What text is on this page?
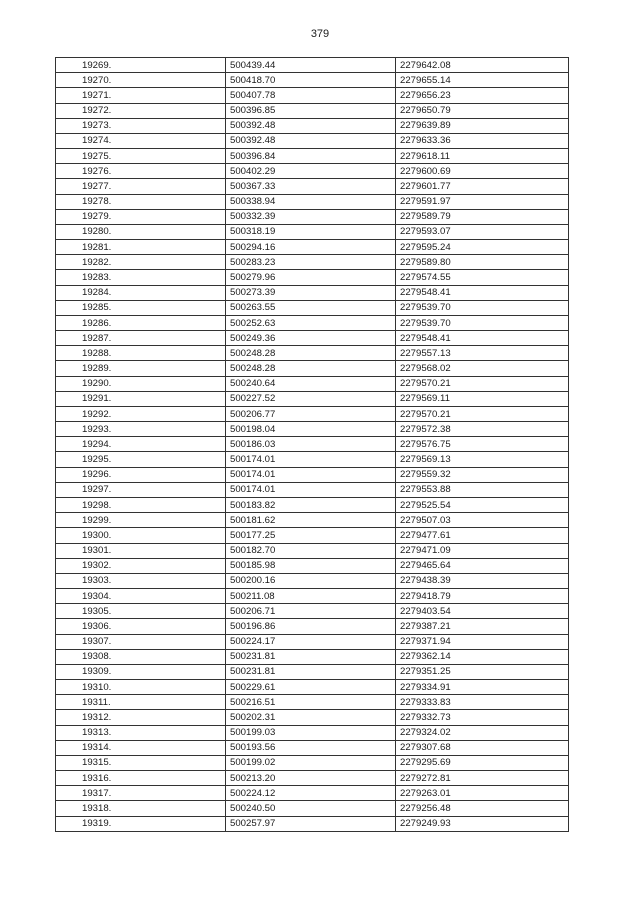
379
19269.	500439.44	2279642.08
19270.	500418.70	2279655.14
19271.	500407.78	2279656.23
19272.	500396.85	2279650.79
19273.	500392.48	2279639.89
19274.	500392.48	2279633.36
19275.	500396.84	2279618.11
19276.	500402.29	2279600.69
19277.	500367.33	2279601.77
19278.	500338.94	2279591.97
19279.	500332.39	2279589.79
19280.	500318.19	2279593.07
19281.	500294.16	2279595.24
19282.	500283.23	2279589.80
19283.	500279.96	2279574.55
19284.	500273.39	2279548.41
19285.	500263.55	2279539.70
19286.	500252.63	2279539.70
19287.	500249.36	2279548.41
19288.	500248.28	2279557.13
19289.	500248.28	2279568.02
19290.	500240.64	2279570.21
19291.	500227.52	2279569.11
19292.	500206.77	2279570.21
19293.	500198.04	2279572.38
19294.	500186.03	2279576.75
19295.	500174.01	2279569.13
19296.	500174.01	2279559.32
19297.	500174.01	2279553.88
19298.	500183.82	2279525.54
19299.	500181.62	2279507.03
19300.	500177.25	2279477.61
19301.	500182.70	2279471.09
19302.	500185.98	2279465.64
19303.	500200.16	2279438.39
19304.	500211.08	2279418.79
19305.	500206.71	2279403.54
19306.	500196.86	2279387.21
19307.	500224.17	2279371.94
19308.	500231.81	2279362.14
19309.	500231.81	2279351.25
19310.	500229.61	2279334.91
19311.	500216.51	2279333.83
19312.	500202.31	2279332.73
19313.	500199.03	2279324.02
19314.	500193.56	2279307.68
19315.	500199.02	2279295.69
19316.	500213.20	2279272.81
19317.	500224.12	2279263.01
19318.	500240.50	2279256.48
19319.	500257.97	2279249.93
